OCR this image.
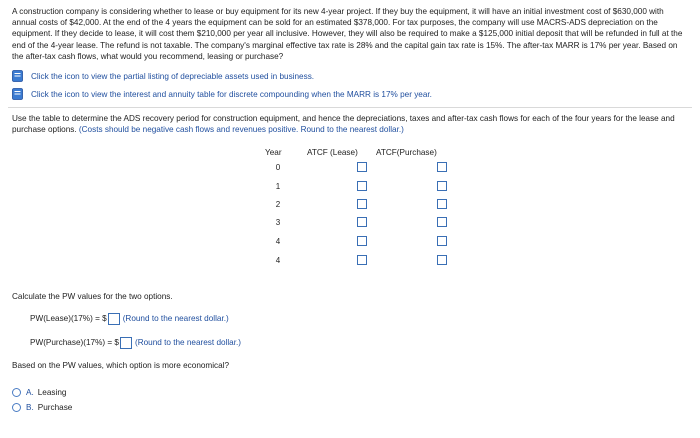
A construction company is considering whether to lease or buy equipment for its new 4-year project. If they buy the equipment, it will have an initial investment cost of $630,000 with annual costs of $42,000. At the end of the 4 years the equipment can be sold for an estimated $378,000. For tax purposes, the company will use MACRS-ADS depreciation on the equipment. If they decide to lease, it will cost them $210,000 per year all inclusive. However, they will also be required to make a $125,000 initial deposit that will be refunded in full at the end of the 4-year lease. The refund is not taxable. The company's marginal effective tax rate is 28% and the capital gain tax rate is 15%. The after-tax MARR is 17% per year. Based on the after-tax cash flows, what would you recommend, leasing or purchase?
Click the icon to view the partial listing of depreciable assets used in business.
Click the icon to view the interest and annuity table for discrete compounding when the MARR is 17% per year.
Use the table to determine the ADS recovery period for construction equipment, and hence the depreciations, taxes and after-tax cash flows for each of the four years for the lease and purchase options. (Costs should be negative cash flows and revenues positive. Round to the nearest dollar.)
Year	ATCF (Lease) ATCF(Purchase)
0
1
2
3
4
4
Calculate the PW values for the two options.
PW(Lease)(17%) = $ (Round to the nearest dollar.)
PW(Purchase)(17%) = $ (Round to the nearest dollar.)
Based on the PW values, which option is more economical?
A. Leasing
B. Purchase
